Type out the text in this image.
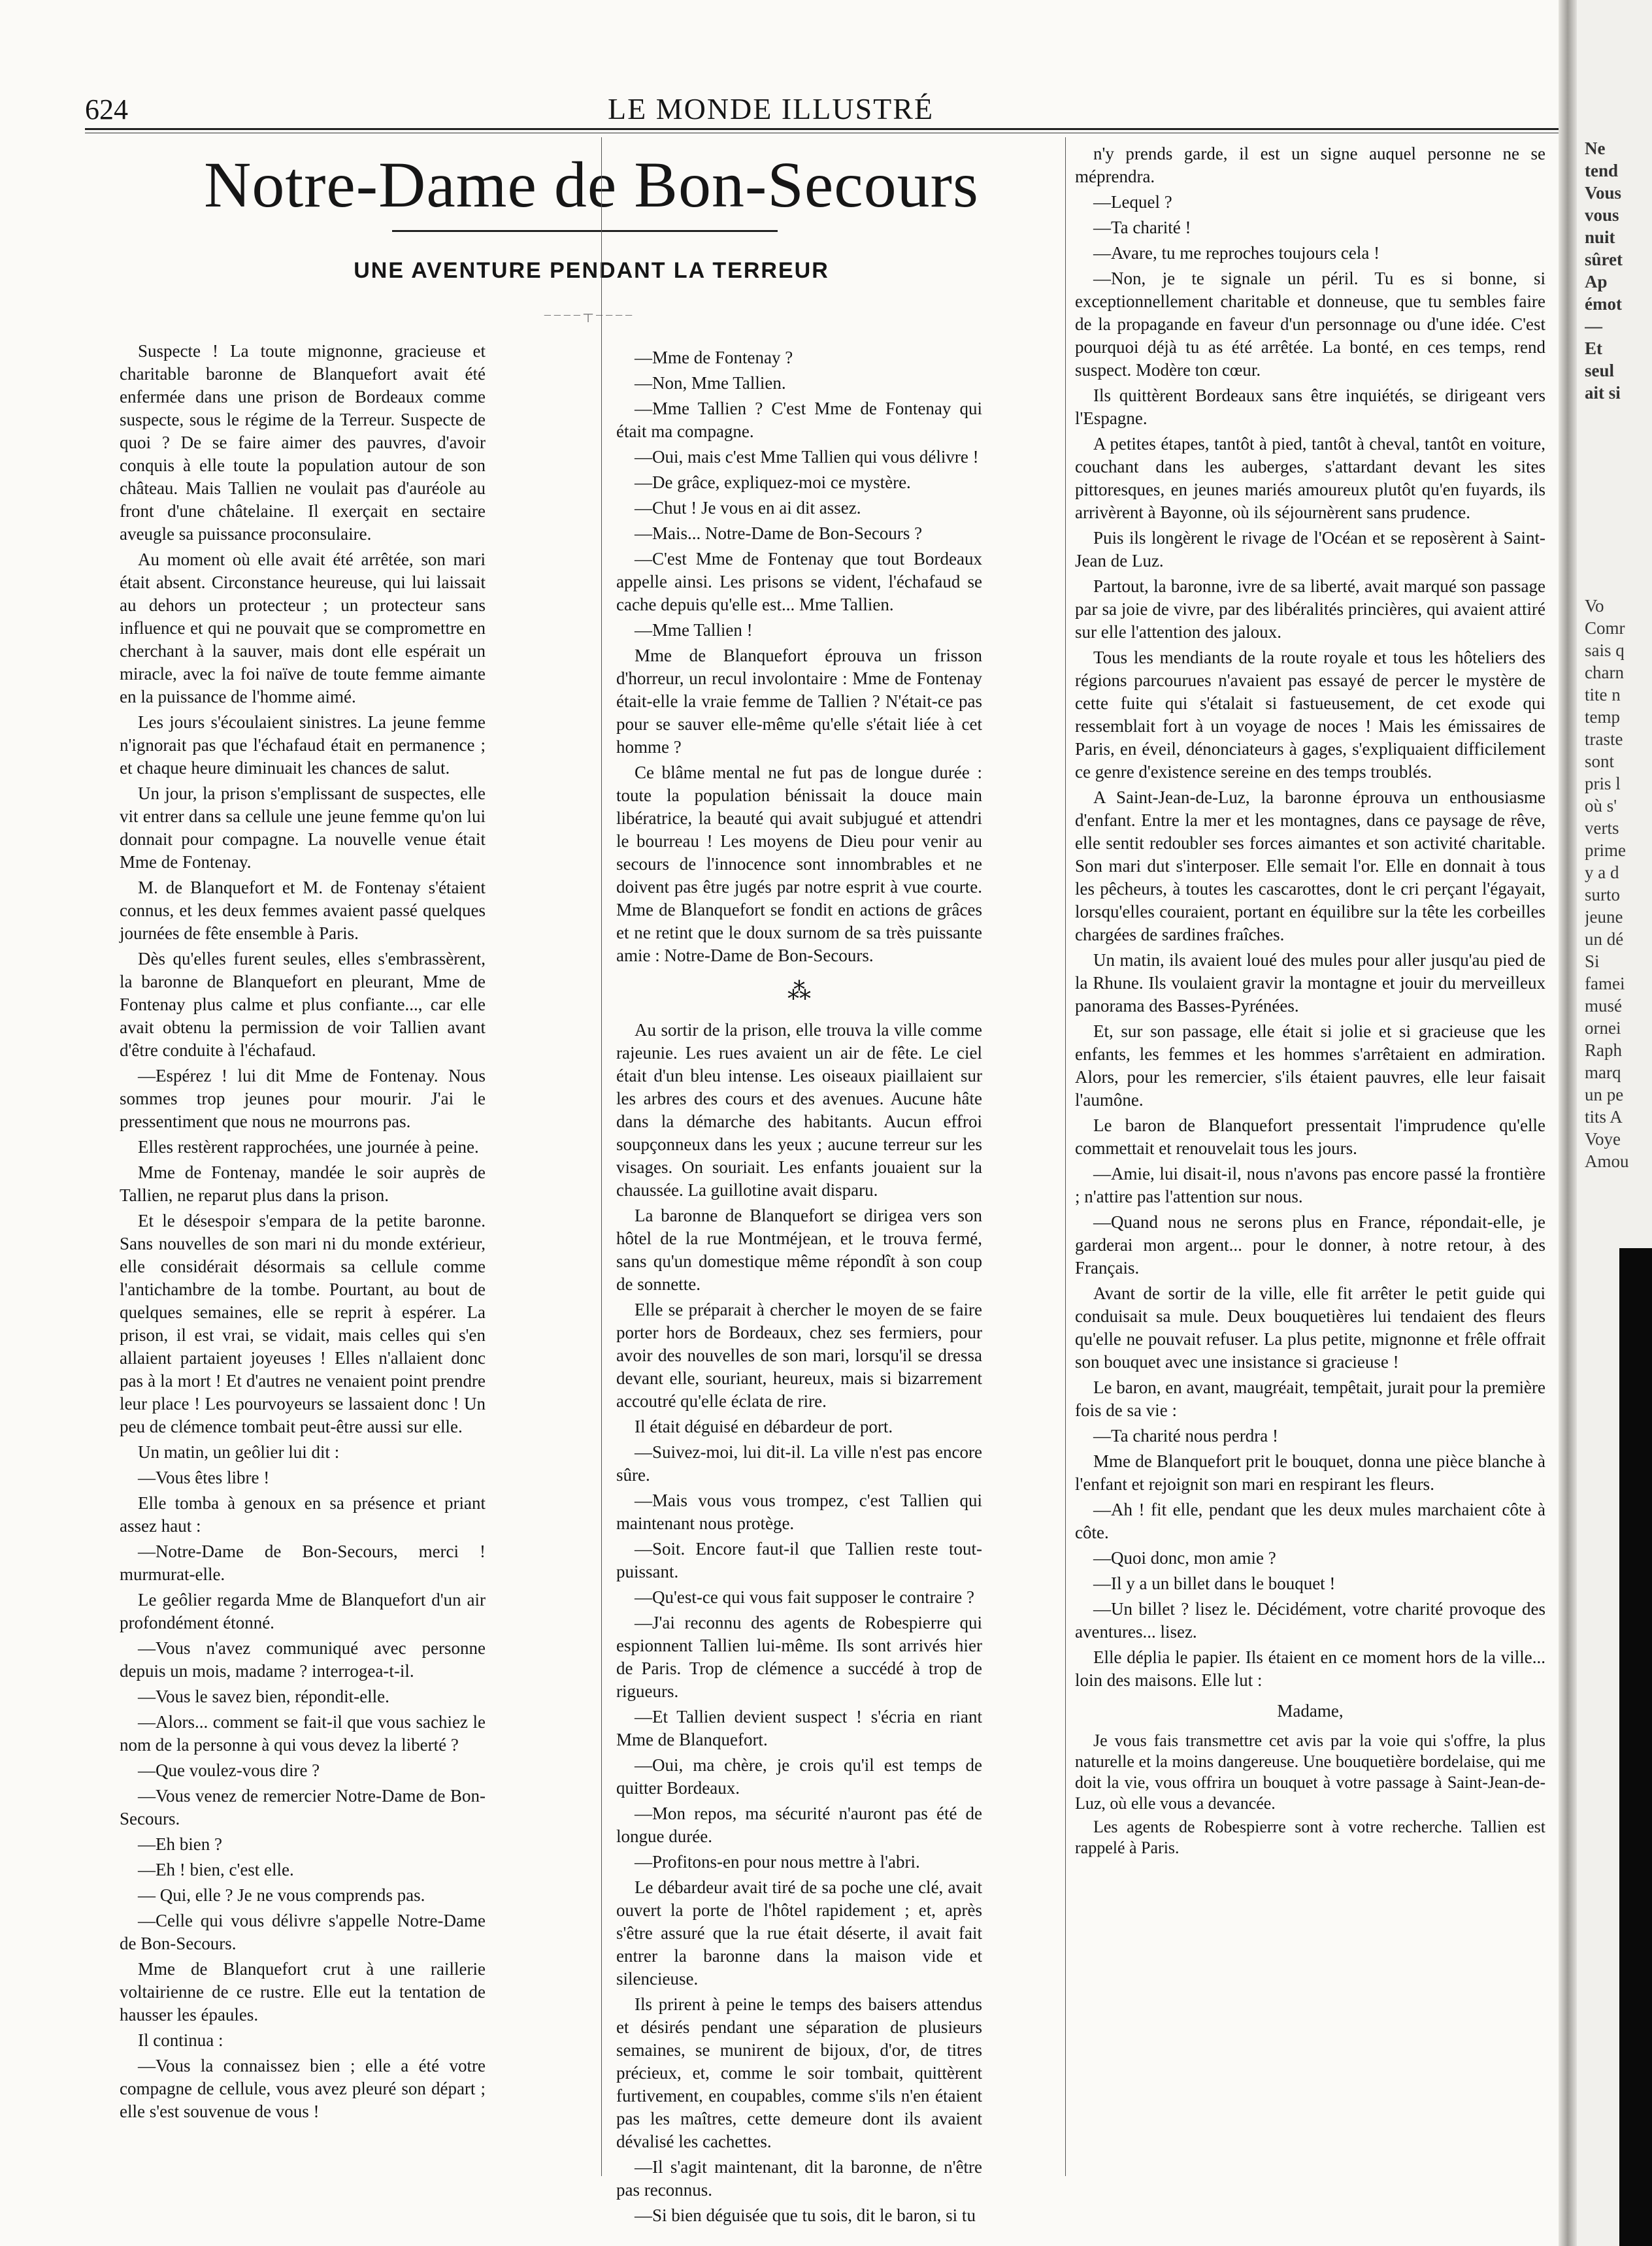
624	LE MONDE ILLUSTRÉ
Notre-Dame de Bon-Secours
UNE AVENTURE PENDANT LA TERREUR
‒ ‒ ‒ ‒ ┬ ‒ ‒ ‒ ‒

Suspecte ! La toute mignonne, gracieuse et charitable baronne de Blanquefort avait été enfermée dans une prison de Bordeaux comme suspecte, sous le régime de la Terreur. Suspecte de quoi ? De se faire aimer des pauvres, d'avoir conquis à elle toute la population autour de son château. Mais Tallien ne voulait pas d'auréole au front d'une châtelaine. Il exerçait en sectaire aveugle sa puissance proconsulaire.

Au moment où elle avait été arrêtée, son mari était absent. Circonstance heureuse, qui lui laissait au dehors un protecteur ; un protecteur sans influence et qui ne pouvait que se compromettre en cherchant à la sauver, mais dont elle espérait un miracle, avec la foi naïve de toute femme aimante en la puissance de l'homme aimé.

Les jours s'écoulaient sinistres. La jeune femme n'ignorait pas que l'échafaud était en permanence ; et chaque heure diminuait les chances de salut.

Un jour, la prison s'emplissant de suspectes, elle vit entrer dans sa cellule une jeune femme qu'on lui donnait pour compagne. La nouvelle venue était Mme de Fontenay.

M. de Blanquefort et M. de Fontenay s'étaient connus, et les deux femmes avaient passé quelques journées de fête ensemble à Paris.

Dès qu'elles furent seules, elles s'embrassèrent, la baronne de Blanquefort en pleurant, Mme de Fontenay plus calme et plus confiante..., car elle avait obtenu la permission de voir Tallien avant d'être conduite à l'échafaud.

—Espérez ! lui dit Mme de Fontenay. Nous sommes trop jeunes pour mourir. J'ai le pressentiment que nous ne mourrons pas.

Elles restèrent rapprochées, une journée à peine.

Mme de Fontenay, mandée le soir auprès de Tallien, ne reparut plus dans la prison.

Et le désespoir s'empara de la petite baronne. Sans nouvelles de son mari ni du monde extérieur, elle considérait désormais sa cellule comme l'antichambre de la tombe. Pourtant, au bout de quelques semaines, elle se reprit à espérer. La prison, il est vrai, se vidait, mais celles qui s'en allaient partaient joyeuses ! Elles n'allaient donc pas à la mort ! Et d'autres ne venaient point prendre leur place ! Les pourvoyeurs se lassaient donc ! Un peu de clémence tombait peut-être aussi sur elle.

Un matin, un geôlier lui dit :

—Vous êtes libre !

Elle tomba à genoux en sa présence et priant assez haut :

—Notre-Dame de Bon-Secours, merci ! murmurat-elle.

Le geôlier regarda Mme de Blanquefort d'un air profondément étonné.

—Vous n'avez communiqué avec personne depuis un mois, madame ? interrogea-t-il.

—Vous le savez bien, répondit-elle.

—Alors... comment se fait-il que vous sachiez le nom de la personne à qui vous devez la liberté ?

—Que voulez-vous dire ?

—Vous venez de remercier Notre-Dame de Bon-Secours.

—Eh bien ?

—Eh ! bien, c'est elle.

— Qui, elle ? Je ne vous comprends pas.

—Celle qui vous délivre s'appelle Notre-Dame de Bon-Secours.

Mme de Blanquefort crut à une raillerie voltairienne de ce rustre. Elle eut la tentation de hausser les épaules.

Il continua :

—Vous la connaissez bien ; elle a été votre compagne de cellule, vous avez pleuré son départ ; elle s'est souvenue de vous !

—Mme de Fontenay ?

—Non, Mme Tallien.

—Mme Tallien ? C'est Mme de Fontenay qui était ma compagne.

—Oui, mais c'est Mme Tallien qui vous délivre !

—De grâce, expliquez-moi ce mystère.

—Chut ! Je vous en ai dit assez.

—Mais... Notre-Dame de Bon-Secours ?

—C'est Mme de Fontenay que tout Bordeaux appelle ainsi. Les prisons se vident, l'échafaud se cache depuis qu'elle est... Mme Tallien.

—Mme Tallien !

Mme de Blanquefort éprouva un frisson d'horreur, un recul involontaire : Mme de Fontenay était-elle la vraie femme de Tallien ? N'était-ce pas pour se sauver elle-même qu'elle s'était liée à cet homme ?

Ce blâme mental ne fut pas de longue durée : toute la population bénissait la douce main libératrice, la beauté qui avait subjugué et attendri le bourreau ! Les moyens de Dieu pour venir au secours de l'innocence sont innombrables et ne doivent pas être jugés par notre esprit à vue courte. Mme de Blanquefort se fondit en actions de grâces et ne retint que le doux surnom de sa très puissante amie : Notre-Dame de Bon-Secours.

⁂

Au sortir de la prison, elle trouva la ville comme rajeunie. Les rues avaient un air de fête. Le ciel était d'un bleu intense. Les oiseaux piaillaient sur les arbres des cours et des avenues. Aucune hâte dans la démarche des habitants. Aucun effroi soupçonneux dans les yeux ; aucune terreur sur les visages. On souriait. Les enfants jouaient sur la chaussée. La guillotine avait disparu.

La baronne de Blanquefort se dirigea vers son hôtel de la rue Montméjean, et le trouva fermé, sans qu'un domestique même répondît à son coup de sonnette.

Elle se préparait à chercher le moyen de se faire porter hors de Bordeaux, chez ses fermiers, pour avoir des nouvelles de son mari, lorsqu'il se dressa devant elle, souriant, heureux, mais si bizarrement accoutré qu'elle éclata de rire.

Il était déguisé en débardeur de port.

—Suivez-moi, lui dit-il. La ville n'est pas encore sûre.

—Mais vous vous trompez, c'est Tallien qui maintenant nous protège.

—Soit. Encore faut-il que Tallien reste tout-puissant.

—Qu'est-ce qui vous fait supposer le contraire ?

—J'ai reconnu des agents de Robespierre qui espionnent Tallien lui-même. Ils sont arrivés hier de Paris. Trop de clémence a succédé à trop de rigueurs.

—Et Tallien devient suspect ! s'écria en riant Mme de Blanquefort.

—Oui, ma chère, je crois qu'il est temps de quitter Bordeaux.

—Mon repos, ma sécurité n'auront pas été de longue durée.

—Profitons-en pour nous mettre à l'abri.

Le débardeur avait tiré de sa poche une clé, avait ouvert la porte de l'hôtel rapidement ; et, après s'être assuré que la rue était déserte, il avait fait entrer la baronne dans la maison vide et silencieuse.

Ils prirent à peine le temps des baisers attendus et désirés pendant une séparation de plusieurs semaines, se munirent de bijoux, d'or, de titres précieux, et, comme le soir tombait, quittèrent furtivement, en coupables, comme s'ils n'en étaient pas les maîtres, cette demeure dont ils avaient dévalisé les cachettes.

—Il s'agit maintenant, dit la baronne, de n'être pas reconnus.

—Si bien déguisée que tu sois, dit le baron, si tu

n'y prends garde, il est un signe auquel personne ne se méprendra.

—Lequel ?

—Ta charité !

—Avare, tu me reproches toujours cela !

—Non, je te signale un péril. Tu es si bonne, si exceptionnellement charitable et donneuse, que tu sembles faire de la propagande en faveur d'un personnage ou d'une idée. C'est pourquoi déjà tu as été arrêtée. La bonté, en ces temps, rend suspect. Modère ton cœur.

Ils quittèrent Bordeaux sans être inquiétés, se dirigeant vers l'Espagne.

A petites étapes, tantôt à pied, tantôt à cheval, tantôt en voiture, couchant dans les auberges, s'attardant devant les sites pittoresques, en jeunes mariés amoureux plutôt qu'en fuyards, ils arrivèrent à Bayonne, où ils séjournèrent sans prudence.

Puis ils longèrent le rivage de l'Océan et se reposèrent à Saint-Jean de Luz.

Partout, la baronne, ivre de sa liberté, avait marqué son passage par sa joie de vivre, par des libéralités princières, qui avaient attiré sur elle l'attention des jaloux.

Tous les mendiants de la route royale et tous les hôteliers des régions parcourues n'avaient pas essayé de percer le mystère de cette fuite qui s'étalait si fastueusement, de cet exode qui ressemblait fort à un voyage de noces ! Mais les émissaires de Paris, en éveil, dénonciateurs à gages, s'expliquaient difficilement ce genre d'existence sereine en des temps troublés.

A Saint-Jean-de-Luz, la baronne éprouva un enthousiasme d'enfant. Entre la mer et les montagnes, dans ce paysage de rêve, elle sentit redoubler ses forces aimantes et son activité charitable. Son mari dut s'interposer. Elle semait l'or. Elle en donnait à tous les pêcheurs, à toutes les cascarottes, dont le cri perçant l'égayait, lorsqu'elles couraient, portant en équilibre sur la tête les corbeilles chargées de sardines fraîches.

Un matin, ils avaient loué des mules pour aller jusqu'au pied de la Rhune. Ils voulaient gravir la montagne et jouir du merveilleux panorama des Basses-Pyrénées.

Et, sur son passage, elle était si jolie et si gracieuse que les enfants, les femmes et les hommes s'arrêtaient en admiration. Alors, pour les remercier, s'ils étaient pauvres, elle leur faisait l'aumône.

Le baron de Blanquefort pressentait l'imprudence qu'elle commettait et renouvelait tous les jours.

—Amie, lui disait-il, nous n'avons pas encore passé la frontière ; n'attire pas l'attention sur nous.

—Quand nous ne serons plus en France, répondait-elle, je garderai mon argent... pour le donner, à notre retour, à des Français.

Avant de sortir de la ville, elle fit arrêter le petit guide qui conduisait sa mule. Deux bouquetières lui tendaient des fleurs qu'elle ne pouvait refuser. La plus petite, mignonne et frêle offrait son bouquet avec une insistance si gracieuse !

Le baron, en avant, maugréait, tempêtait, jurait pour la première fois de sa vie :

—Ta charité nous perdra !

Mme de Blanquefort prit le bouquet, donna une pièce blanche à l'enfant et rejoignit son mari en respirant les fleurs.

—Ah ! fit elle, pendant que les deux mules marchaient côte à côte.

—Quoi donc, mon amie ?

—Il y a un billet dans le bouquet !

—Un billet ? lisez le. Décidément, votre charité provoque des aventures... lisez.

Elle déplia le papier. Ils étaient en ce moment hors de la ville... loin des maisons. Elle lut :

Madame,

Je vous fais transmettre cet avis par la voie qui s'offre, la plus naturelle et la moins dangereuse. Une bouquetière bordelaise, qui me doit la vie, vous offrira un bouquet à votre passage à Saint-Jean-de-Luz, où elle vous a devancée.

Les agents de Robespierre sont à votre recherche. Tallien est rappelé à Paris.

Ne
tend
Vous
vous
nuit
sûret
Ap
émot
—
Et
seul
ait si
Vo
Comr
sais q
charn
tite n
temp
traste
sont
pris l
où s'
verts
prime
y a d
surto
jeune
un dé
Si
famei
musé
ornei
Raph
marq
un pe
tits A
Voye
Amou
